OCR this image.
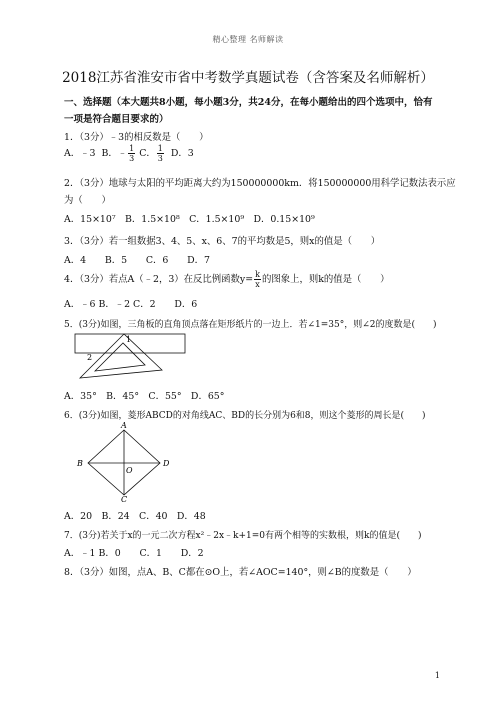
精心整理 名师解读
2018江苏省淮安市省中考数学真题试卷（含答案及名师解析）
一、选择题（本大题共8小题，每小题3分，共24分，在每小题给出的四个选项中，恰有
一项是符合题目要求的）
1．（3分）﹣3的相反数是（　　）
A．﹣3 B．﹣ $\frac{1}{3}$ C． $\frac{1}{3}$ D．3
2．（3分）地球与太阳的平均距离大约为150000000km．将150000000用科学记数法表示应
为（　　）
A．15×10⁷　B．1.5×10⁸　C．1.5×10⁹　D．0.15×10⁹
3．（3分）若一组数据3、4、5、x、6、7的平均数是5，则x的值是（　　）
A．4　　B．5　　C．6　　D．7
4．（3分）若点A（﹣2，3）在反比例函数$y= \frac{k}{x}$ 的图象上，则k的值是（　　）
A．﹣6 B．﹣2 C．2　　D．6
5．(3分)如图，三角板的直角顶点落在矩形纸片的一边上．若∠1=35°，则∠2的度数是(　　)
1
2
A．35°　B．45°　C．55°　D．65°
6．(3分)如图，菱形ABCD的对角线AC、BD的长分别为6和8，则这个菱形的周长是(　　)
A
B	D
C
O
A．20　B．24　C．40　D．48
7．(3分)若关于x的一元二次方程x²﹣2x﹣k+1=0有两个相等的实数根，则k的值是(　　)
A．﹣1 B．0　　C．1　　D．2
8．（3分）如图，点A、B、C都在⊙O上，若∠AOC=140°，则∠B的度数是（　　）
1
